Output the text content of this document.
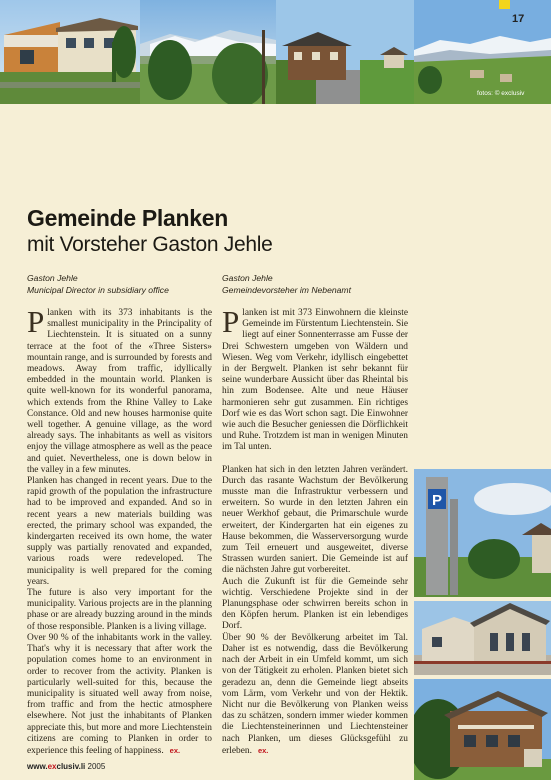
17
fotos: © exclusiv
Gemeinde Planken
mit Vorsteher Gaston Jehle
Gaston Jehle
Municipal Director in subsidiary office
Gaston Jehle
Gemeindevorsteher im Nebenamt

Planken with its 373 inhabitants is the smallest municipality in the Principality of Liechtenstein. It is situated on a sunny terrace at the foot of the «Three Sisters» mountain range, and is surrounded by forests and meadows. Away from traffic, idyllically embedded in the mountain world. Planken is quite well-known for its wonderful panorama, which extends from the Rhine Valley to Lake Constance. Old and new houses harmonise quite well together. A genuine village, as the word already says. The inhabitants as well as visitors enjoy the village atmosphere as well as the peace and quiet. Nevertheless, one is down below in the valley in a few minutes.

Planken has changed in recent years. Due to the rapid growth of the population the infrastructure had to be improved and expanded. And so in recent years a new materials building was erected, the primary school was expanded, the kindergarten received its own home, the water supply was partially renovated and expanded, various roads were redeveloped. The municipality is well prepared for the coming years.

The future is also very important for the municipality. Various projects are in the planning phase or are already buzzing around in the minds of those responsible. Planken is a living village.

Over 90 % of the inhabitants work in the valley. That's why it is necessary that after work the population comes home to an environment in order to recover from the activity. Planken is particularly well-suited for this, because the municipality is situated well away from noise, from traffic and from the hectic atmosphere elsewhere. Not just the inhabitants of Planken appreciate this, but more and more Liechtenstein citizens are coming to Planken in order to experience this feeling of happiness. ex.

Planken ist mit 373 Einwohnern die kleinste Gemeinde im Fürstentum Liechtenstein. Sie liegt auf einer Sonnenterrasse am Fusse der Drei Schwestern umgeben von Wäldern und Wiesen. Weg vom Verkehr, idyllisch eingebettet in der Bergwelt. Planken ist sehr bekannt für seine wunderbare Aussicht über das Rheintal bis hin zum Bodensee. Alte und neue Häuser harmonieren sehr gut zusammen. Ein richtiges Dorf wie es das Wort schon sagt. Die Einwohner wie auch die Besucher geniessen die Dörflichkeit und Ruhe. Trotzdem ist man in wenigen Minuten im Tal unten.

Planken hat sich in den letzten Jahren verändert. Durch das rasante Wachstum der Bevölkerung musste man die Infrastruktur verbessern und erweitern. So wurde in den letzten Jahren ein neuer Werkhof gebaut, die Primarschule wurde erweitert, der Kindergarten hat ein eigenes zu Hause bekommen, die Wasserversorgung wurde zum Teil erneuert und ausgeweitet, diverse Strassen wurden saniert. Die Gemeinde ist auf die nächsten Jahre gut vorbereitet.

Auch die Zukunft ist für die Gemeinde sehr wichtig. Verschiedene Projekte sind in der Planungsphase oder schwirren bereits schon in den Köpfen herum. Planken ist ein lebendiges Dorf.

Über 90 % der Bevölkerung arbeitet im Tal. Daher ist es notwendig, dass die Bevölkerung nach der Arbeit in ein Umfeld kommt, um sich von der Tätigkeit zu erholen. Planken bietet sich geradezu an, denn die Gemeinde liegt abseits vom Lärm, vom Verkehr und von der Hektik. Nicht nur die Bevölkerung von Planken weiss das zu schätzen, sondern immer wieder kommen die Liechtensteinerinnen und Liechtensteiner nach Planken, um dieses Glücksgefühl zu erleben. ex.

P
www.exclusiv.li 2005
